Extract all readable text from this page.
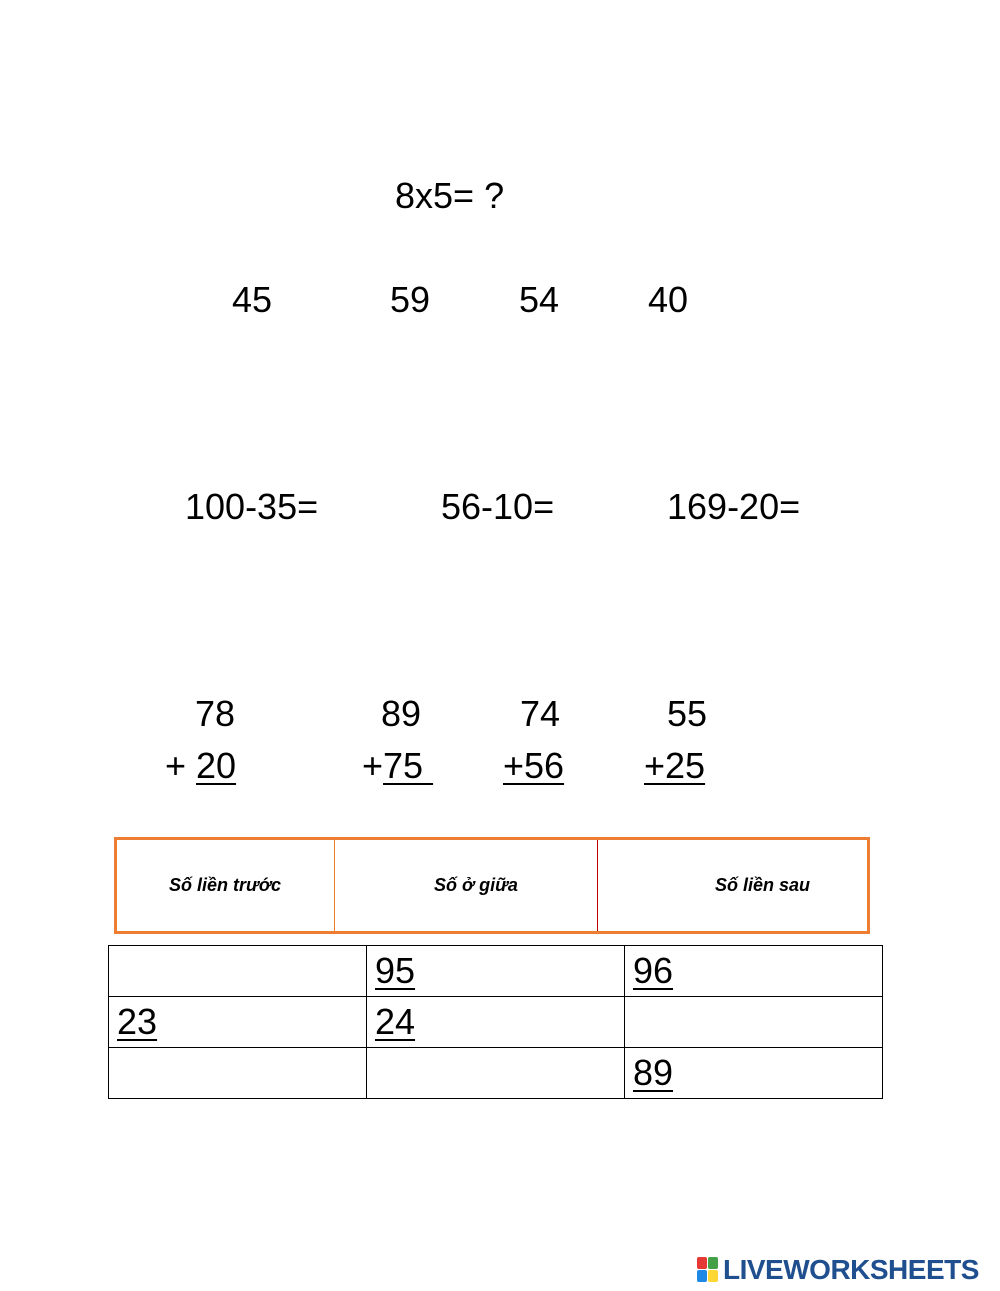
8x5= ?
45	59 54 40
100-35=	56-10=	169-20=
78
+ 20
89
+75
74
+56
55
+25
Số liền trước	Số ở giữa	Số liền sau
	95	96
23	24	
		89
LIVEWORKSHEETS
